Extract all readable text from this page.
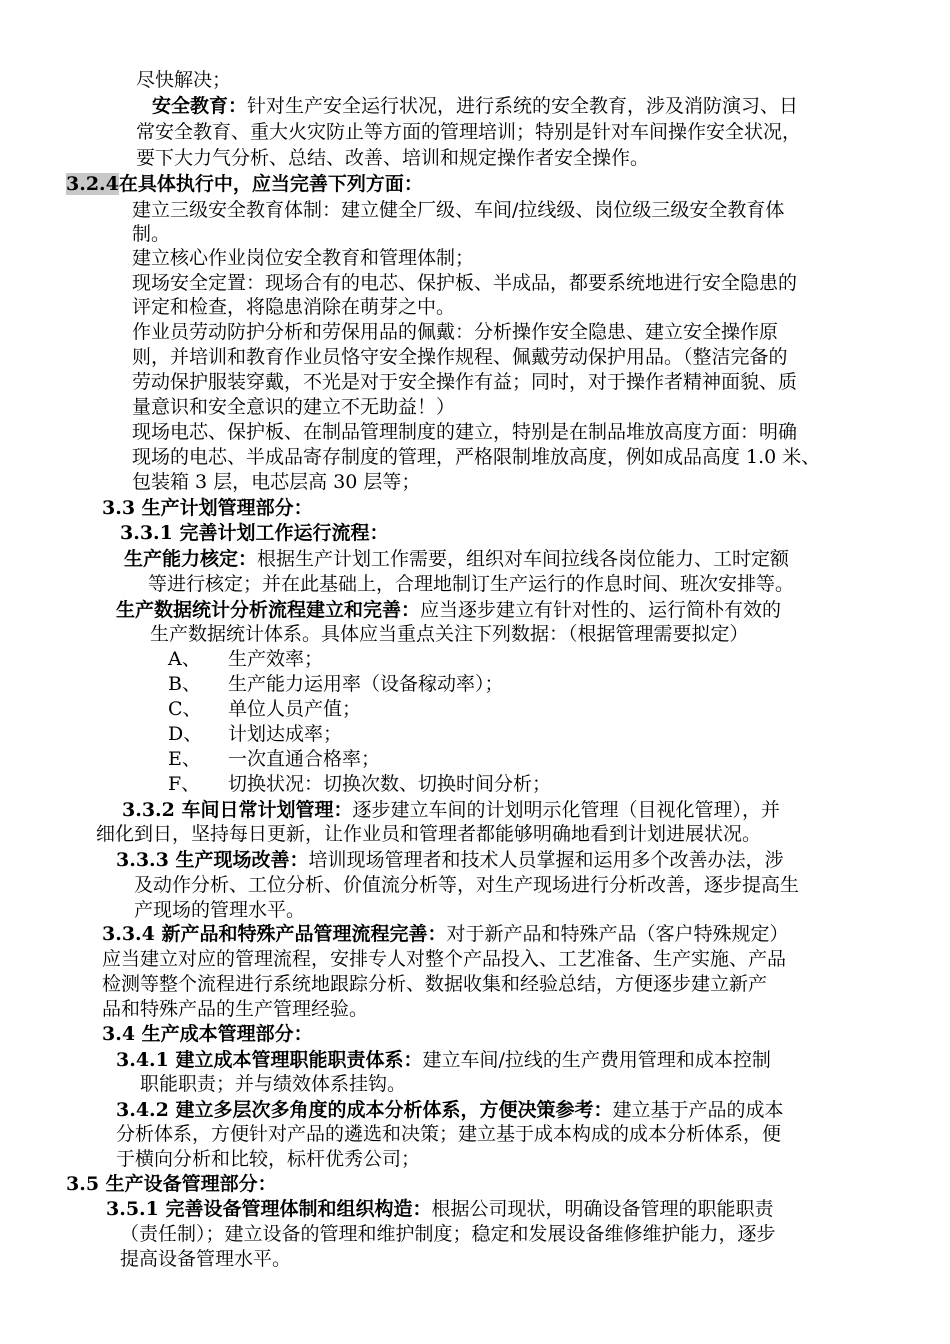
尽快解决；
安全教育：针对生产安全运行状况，进行系统的安全教育，涉及消防演习、日
常安全教育、重大火灾防止等方面的管理培训；特别是针对车间操作安全状况，
要下大力气分析、总结、改善、培训和规定操作者安全操作。
3.2.4在具体执行中，应当完善下列方面：
建立三级安全教育体制：建立健全厂级、车间/拉线级、岗位级三级安全教育体
制。
建立核心作业岗位安全教育和管理体制；
现场安全定置：现场合有的电芯、保护板、半成品，都要系统地进行安全隐患的
评定和检查，将隐患消除在萌芽之中。
作业员劳动防护分析和劳保用品的佩戴：分析操作安全隐患、建立安全操作原
则，并培训和教育作业员恪守安全操作规程、佩戴劳动保护用品。（整洁完备的
劳动保护服装穿戴，不光是对于安全操作有益；同时，对于操作者精神面貌、质
量意识和安全意识的建立不无助益！）
现场电芯、保护板、在制品管理制度的建立，特别是在制品堆放高度方面：明确
现场的电芯、半成品寄存制度的管理，严格限制堆放高度，例如成品高度 1.0 米、
包装箱 3 层，电芯层高 30 层等；
3.3 生产计划管理部分：
3.3.1 完善计划工作运行流程：
生产能力核定：根据生产计划工作需要，组织对车间拉线各岗位能力、工时定额
等进行核定；并在此基础上，合理地制订生产运行的作息时间、班次安排等。
生产数据统计分析流程建立和完善：应当逐步建立有针对性的、运行简朴有效的
生产数据统计体系。具体应当重点关注下列数据：（根据管理需要拟定）
A、 生产效率；
B、 生产能力运用率（设备稼动率）；
C、 单位人员产值；
D、 计划达成率；
E、 一次直通合格率；
F、 切换状况：切换次数、切换时间分析；
3.3.2 车间日常计划管理：逐步建立车间的计划明示化管理（目视化管理），并
细化到日，坚持每日更新，让作业员和管理者都能够明确地看到计划进展状况。
3.3.3 生产现场改善：培训现场管理者和技术人员掌握和运用多个改善办法，涉
及动作分析、工位分析、价值流分析等，对生产现场进行分析改善，逐步提高生
产现场的管理水平。
3.3.4 新产品和特殊产品管理流程完善：对于新产品和特殊产品（客户特殊规定）
应当建立对应的管理流程，安排专人对整个产品投入、工艺准备、生产实施、产品
检测等整个流程进行系统地跟踪分析、数据收集和经验总结，方便逐步建立新产
品和特殊产品的生产管理经验。
3.4 生产成本管理部分：
3.4.1 建立成本管理职能职责体系：建立车间/拉线的生产费用管理和成本控制
职能职责；并与绩效体系挂钩。
3.4.2 建立多层次多角度的成本分析体系，方便决策参考：建立基于产品的成本
分析体系，方便针对产品的遴选和决策；建立基于成本构成的成本分析体系，便
于横向分析和比较，标杆优秀公司；
3.5 生产设备管理部分：
3.5.1 完善设备管理体制和组织构造：根据公司现状，明确设备管理的职能职责
（责任制）；建立设备的管理和维护制度；稳定和发展设备维修维护能力，逐步
提高设备管理水平。
